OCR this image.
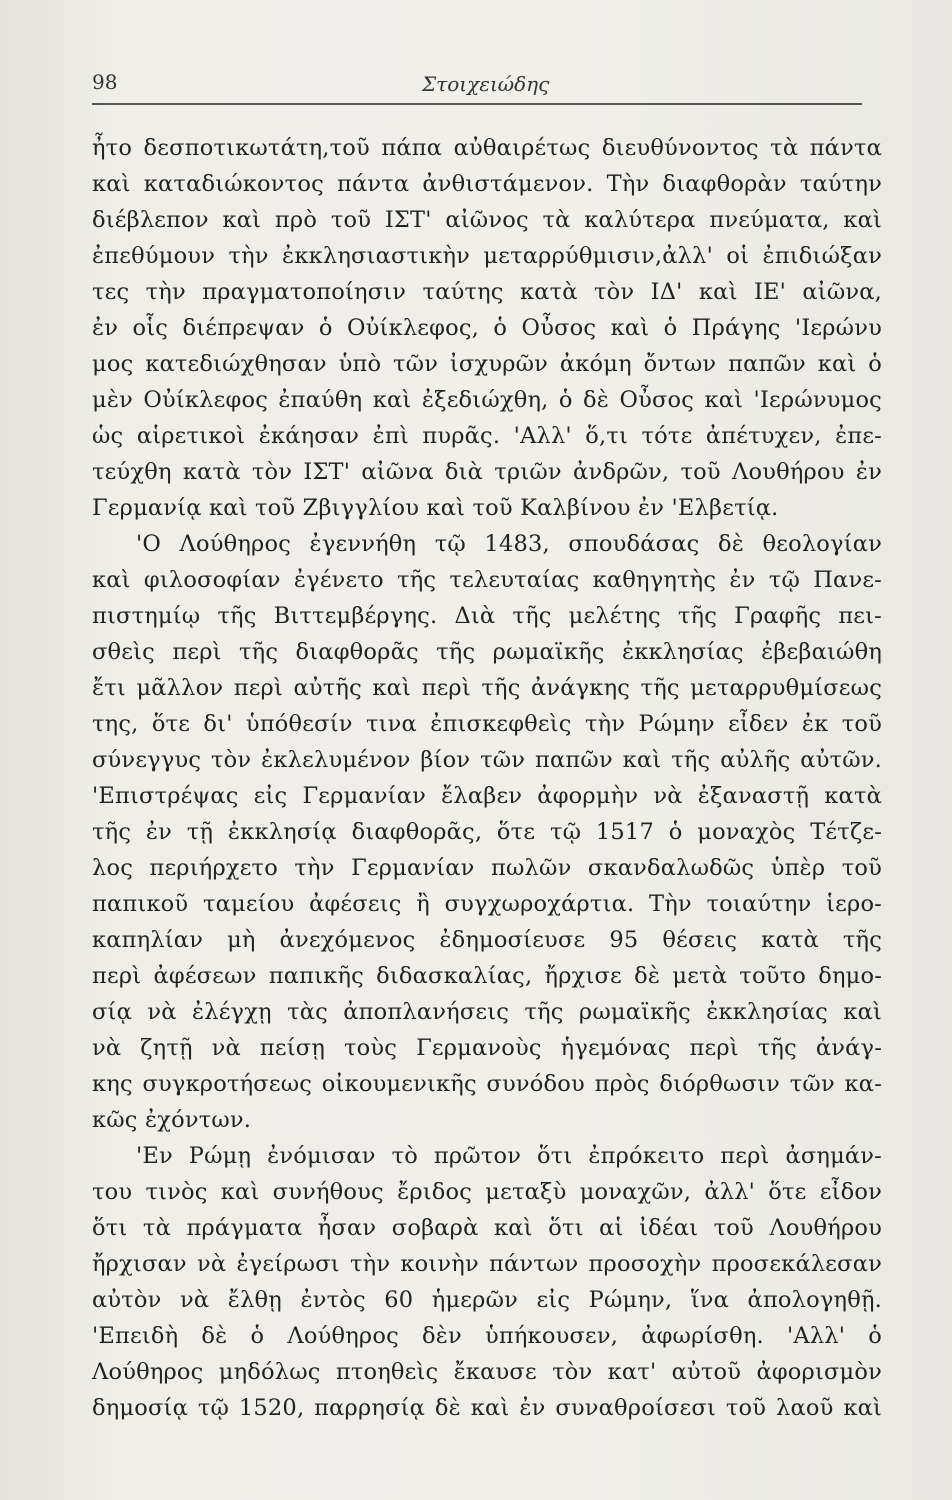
98	Στοιχειώδης
ἦτο δεσποτικωτάτη,τοῦ πάπα αὐθαιρέτως διευθύνοντος τὰ πάντα
καὶ καταδιώκοντος πάντα ἀνθιστάμενον. Τὴν διαφθορὰν ταύτην
διέβλεπον καὶ πρὸ τοῦ ΙΣΤ' αἰῶνος τὰ καλύτερα πνεύματα, καὶ
ἐπεθύμουν τὴν ἐκκλησιαστικὴν μεταρρύθμισιν,ἀλλ' οἱ ἐπιδιώξαν
τες τὴν πραγματοποίησιν ταύτης κατὰ τὸν ΙΔ' καὶ ΙΕ' αἰῶνα,
ἐν οἷς διέπρεψαν ὁ Οὐίκλεφος, ὁ Οὖσος καὶ ὁ Πράγης 'Ιερώνυ
μος κατεδιώχθησαν ὑπὸ τῶν ἰσχυρῶν ἀκόμη ὄντων παπῶν καὶ ὁ
μὲν Οὐίκλεφος ἐπαύθη καὶ ἐξεδιώχθη, ὁ δὲ Οὖσος καὶ 'Ιερώνυμος
ὡς αἱρετικοὶ ἐκάησαν ἐπὶ πυρᾶς. 'Αλλ' ὅ,τι τότε ἀπέτυχεν, ἐπε-
τεύχθη κατὰ τὸν ΙΣΤ' αἰῶνα διὰ τριῶν ἀνδρῶν, τοῦ Λουθήρου ἐν
Γερμανίᾳ καὶ τοῦ Ζβιγγλίου καὶ τοῦ Καλβίνου ἐν 'Ελβετίᾳ.
'Ο Λούθηρος ἐγεννήθη τῷ 1483, σπουδάσας δὲ θεολογίαν
καὶ φιλοσοφίαν ἐγένετο τῆς τελευταίας καθηγητὴς ἐν τῷ Πανε-
πιστημίῳ τῆς Βιττεμβέργης. Διὰ τῆς μελέτης τῆς Γραφῆς πει-
σθεὶς περὶ τῆς διαφθορᾶς τῆς ρωμαϊκῆς ἐκκλησίας ἐβεβαιώθη
ἔτι μᾶλλον περὶ αὐτῆς καὶ περὶ τῆς ἀνάγκης τῆς μεταρρυθμίσεως
της, ὅτε δι' ὑπόθεσίν τινα ἐπισκεφθεὶς τὴν Ρώμην εἶδεν ἐκ τοῦ
σύνεγγυς τὸν ἐκλελυμένον βίον τῶν παπῶν καὶ τῆς αὐλῆς αὐτῶν.
'Επιστρέψας εἰς Γερμανίαν ἔλαβεν ἀφορμὴν νὰ ἐξαναστῇ κατὰ
τῆς ἐν τῇ ἐκκλησίᾳ διαφθορᾶς, ὅτε τῷ 1517 ὁ μοναχὸς Τέτζε-
λος περιήρχετο τὴν Γερμανίαν πωλῶν σκανδαλωδῶς ὑπὲρ τοῦ
παπικοῦ ταμείου ἀφέσεις ἢ συγχωροχάρτια. Τὴν τοιαύτην ἱερο-
καπηλίαν μὴ ἀνεχόμενος ἐδημοσίευσε 95 θέσεις κατὰ τῆς
περὶ ἀφέσεων παπικῆς διδασκαλίας, ἤρχισε δὲ μετὰ τοῦτο δημο-
σίᾳ νὰ ἐλέγχῃ τὰς ἀποπλανήσεις τῆς ρωμαϊκῆς ἐκκλησίας καὶ
νὰ ζητῇ νὰ πείσῃ τοὺς Γερμανοὺς ἡγεμόνας περὶ τῆς ἀνάγ-
κης συγκροτήσεως οἰκουμενικῆς συνόδου πρὸς διόρθωσιν τῶν κα-
κῶς ἐχόντων.
'Εν Ρώμῃ ἐνόμισαν τὸ πρῶτον ὅτι ἐπρόκειτο περὶ ἀσημάν-
του τινὸς καὶ συνήθους ἔριδος μεταξὺ μοναχῶν, ἀλλ' ὅτε εἶδον
ὅτι τὰ πράγματα ἦσαν σοβαρὰ καὶ ὅτι αἱ ἰδέαι τοῦ Λουθήρου
ἤρχισαν νὰ ἐγείρωσι τὴν κοινὴν πάντων προσοχὴν προσεκάλεσαν
αὐτὸν νὰ ἔλθῃ ἐντὸς 60 ἡμερῶν εἰς Ρώμην, ἵνα ἀπολογηθῇ.
'Επειδὴ δὲ ὁ Λούθηρος δὲν ὑπήκουσεν, ἀφωρίσθη. 'Αλλ' ὁ
Λούθηρος μηδόλως πτοηθεὶς ἔκαυσε τὸν κατ' αὐτοῦ ἀφορισμὸν
δημοσίᾳ τῷ 1520, παρρησίᾳ δὲ καὶ ἐν συναθροίσεσι τοῦ λαοῦ καὶ
